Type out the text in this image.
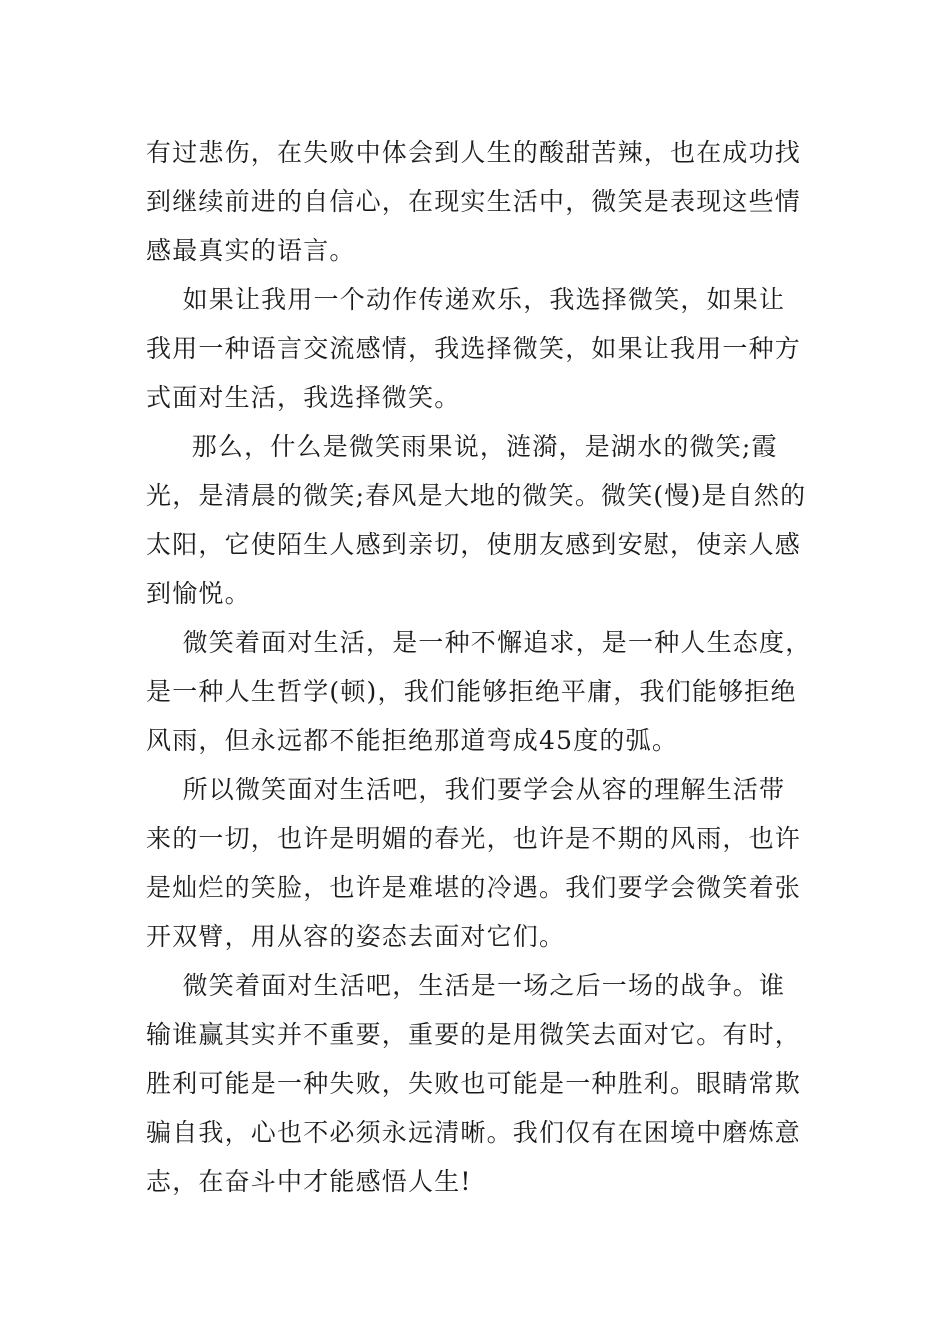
有过悲伤，在失败中体会到人生的酸甜苦辣，也在成功找
到继续前进的自信心，在现实生活中，微笑是表现这些情
感最真实的语言。
如果让我用一个动作传递欢乐，我选择微笑，如果让
我用一种语言交流感情，我选择微笑，如果让我用一种方
式面对生活，我选择微笑。
那么，什么是微笑雨果说，涟漪，是湖水的微笑;霞
光，是清晨的微笑;春风是大地的微笑。微笑(慢)是自然的
太阳，它使陌生人感到亲切，使朋友感到安慰，使亲人感
到愉悦。
微笑着面对生活，是一种不懈追求，是一种人生态度，
是一种人生哲学(顿)，我们能够拒绝平庸，我们能够拒绝
风雨，但永远都不能拒绝那道弯成45度的弧。
所以微笑面对生活吧，我们要学会从容的理解生活带
来的一切，也许是明媚的春光，也许是不期的风雨，也许
是灿烂的笑脸，也许是难堪的冷遇。我们要学会微笑着张
开双臂，用从容的姿态去面对它们。
微笑着面对生活吧，生活是一场之后一场的战争。谁
输谁赢其实并不重要，重要的是用微笑去面对它。有时，
胜利可能是一种失败，失败也可能是一种胜利。眼睛常欺
骗自我，心也不必须永远清晰。我们仅有在困境中磨炼意
志，在奋斗中才能感悟人生!
